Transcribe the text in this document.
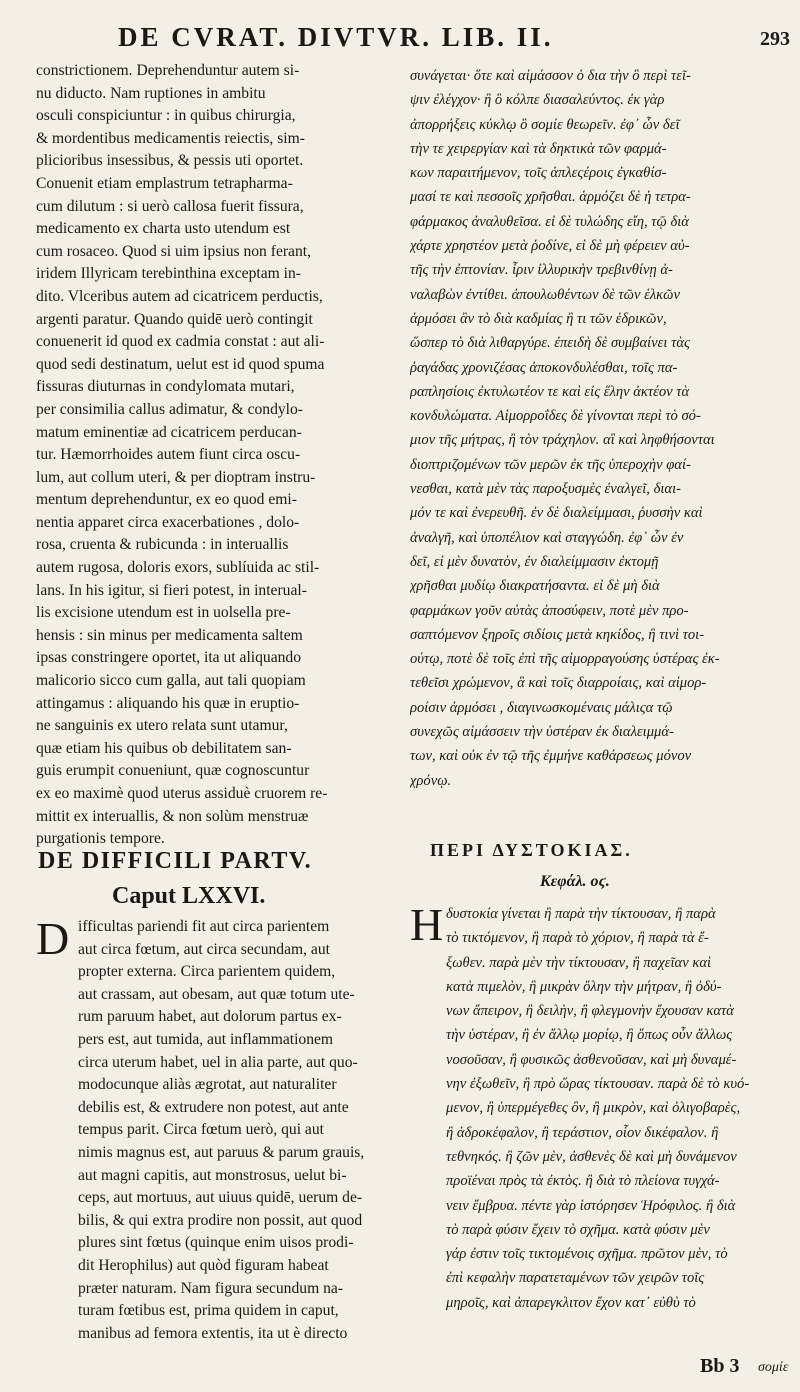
DE CVRAT. DIVTVR. LIB. II.	293
constrictionem. Deprehenduntur autem si-
nu diducto. Nam ruptiones in ambitu
osculi conspiciuntur : in quibus chirurgia,
& mordentibus medicamentis reiectis, sim-
plicioribus insessibus, & pessis uti oportet.
Conuenit etiam emplastrum tetrapharma-
cum dilutum : si uerò callosa fuerit fissura,
medicamento ex charta usto utendum est
cum rosaceo. Quod si uim ipsius non ferant,
iridem Illyricam terebinthina exceptam in-
dito. Vlceribus autem ad cicatricem perductis,
argenti paratur. Quando quidē uerò contingit
conuenerit id quod ex cadmia constat : aut ali-
quod sedi destinatum, uelut est id quod spuma
fissuras diuturnas in condylomata mutari,
per consimilia callus adimatur, & condylo-
matum eminentiæ ad cicatricem perducan-
tur. Hæmorrhoides autem fiunt circa oscu-
lum, aut collum uteri, & per dioptram instru-
mentum deprehenduntur, ex eo quod emi-
nentia apparet circa exacerbationes , dolo-
rosa, cruenta & rubicunda : in interuallis
autem rugosa, doloris exors, sublíuida ac stil-
lans. In his igitur, si fieri potest, in interual-
lis excisione utendum est in uolsella pre-
hensis : sin minus per medicamenta saltem
ipsas constringere oportet, ita ut aliquando
malicorio sicco cum galla, aut tali quopiam
attingamus : aliquando his quæ in eruptio-
ne sanguinis ex utero relata sunt utamur,
quæ etiam his quibus ob debilitatem san-
guis erumpit conueniunt, quæ cognoscuntur
ex eo maximè quod uterus assiduè cruorem re-
mittit ex interuallis, & non solùm menstruæ
purgationis tempore.
DE DIFFICILI PARTV.
Caput LXXVI.
D ifficultas pariendi fit aut circa parientem
aut circa fœtum, aut circa secundam, aut
propter externa. Circa parientem quidem,
aut crassam, aut obesam, aut quæ totum ute-
rum paruum habet, aut dolorum partus ex-
pers est, aut tumida, aut inflammationem
circa uterum habet, uel in alia parte, aut quo-
modocunque aliàs ægrotat, aut naturaliter
debilis est, & extrudere non potest, aut ante
tempus parit. Circa fœtum uerò, qui aut
nimis magnus est, aut paruus & parum grauis,
aut magni capitis, aut monstrosus, uelut bi-
ceps, aut mortuus, aut uiuus quidē, uerum de-
bilis, & qui extra prodire non possit, aut quod
plures sint fœtus (quinque enim uisos prodi-
dit Herophilus) aut quòd figuram habeat
præter naturam. Nam figura secundum na-
turam fœtibus est, prima quidem in caput,
manibus ad femora extentis, ita ut è directo
συνάγεται· ὅτε καὶ αἱμάσσον ὁ δια τὴν ὃ περὶ τεῖ-
ψιν ἐλέγχον· ἢ ὃ κόλπε διασαλεύντος. ἐκ γὰρ
ἀπορρήξεις κύκλῳ ὃ σομίε θεωρεῖν. ἐφ᾽ ὧν δεῖ
τὴν τε χειρεργίαν καὶ τὰ δηκτικὰ τῶν φαρμά-
κων παραιτήμενον, τοῖς ἁπλεςέροις ἐγκαθίσ-
μασί τε καὶ πεσσοῖς χρῆσθαι. ἁρμόζει δὲ ἡ τετρα-
φάρμακος ἀναλυθεῖσα. εἰ δὲ τυλώδης εἴη, τῷ διὰ
χάρτε χρηστέον μετὰ ῥοδίνε, εἰ δὲ μὴ φέρειεν αὐ-
τῆς τὴν ἐπτονίαν. ἶριν ἰλλυρικὴν τρεβινθίνῃ ἀ-
ναλαβὼν ἐντίθει. ἀπουλωθέντων δὲ τῶν ἑλκῶν
ἁρμόσει ἂν τὸ διὰ καδμίας ἢ τι τῶν ἑδρικῶν,
ὥσπερ τὸ διὰ λιθαργύρε. ἐπειδὴ δὲ συμβαίνει τὰς
ῥαγάδας χρονιζέσας ἀποκονδυλέσθαι, τοῖς πα-
ραπλησίοις ἐκτυλωτέον τε καὶ εἰς ἕλην ἀκτέον τὰ
κονδυλώματα. Αἱμορροΐδες δὲ γίνονται περὶ τὸ σό-
μιον τῆς μήτρας, ἢ τὸν τράχηλον. αἳ καὶ ληφθήσονται
διοπτριζομένων τῶν μερῶν ἐκ τῆς ὑπεροχὴν φαί-
νεσθαι, κατὰ μὲν τὰς παροξυσμὲς ἐναλγεῖ, διαι-
μόν τε καὶ ἐνερευθῆ. ἐν δὲ διαλείμμασι, ῥυσσὴν καὶ
ἀναλγῆ, καὶ ὑποπέλιον καὶ σταγγώδη. ἐφ᾽ ὧν ἐν
δεῖ, εἰ μὲν δυνατὸν, ἐν διαλείμμασιν ἐκτομῇ
χρῆσθαι μυδίῳ διακρατήσαντα. εἰ δὲ μὴ διὰ
φαρμάκων γοῦν αὐτὰς ἀποσύφειν, ποτὲ μὲν προ-
σαπτόμενον ξηροῖς σιδίοις μετὰ κηκίδος, ἢ τινὶ τοι-
ούτῳ, ποτὲ δὲ τοῖς ἐπὶ τῆς αἱμορραγούσης ὑστέρας ἐκ-
τεθεῖσι χρώμενον, ἃ καὶ τοῖς διαρροίαις, καὶ αἱμορ-
ροίσιν ἁρμόσει , διαγινωσκομέναις μάλιςα τῷ
συνεχῶς αἱμάσσειν τὴν ὑστέραν ἐκ διαλειμμά-
των, καὶ οὐκ ἐν τῷ τῆς ἐμμήνε καθάρσεως μόνον
χρόνῳ.
ΠΕΡΙ ΔΥΣΤΟΚΙΑΣ.
Κεφάλ. οϛ.
Η δυστοκία γίνεται ἢ παρὰ τὴν τίκτουσαν, ἢ παρὰ
τὸ τικτόμενον, ἢ παρὰ τὸ χόριον, ἢ παρὰ τὰ ἔ-
ξωθεν. παρὰ μὲν τὴν τίκτουσαν, ἢ παχεῖαν καὶ
κατὰ πιμελὸν, ἢ μικρὰν ὅλην τὴν μήτραν, ἢ ὀδύ-
νων ἄπειρον, ἢ δειλὴν, ἢ φλεγμονὴν ἔχουσαν κατὰ
τὴν ὑστέραν, ἢ ἐν ἄλλῳ μορίῳ, ἢ ὅπως οὖν ἄλλως
νοσοῦσαν, ἢ φυσικῶς ἀσθενοῦσαν, καὶ μὴ δυναμέ-
νην ἐξωθεῖν, ἢ πρὸ ὥρας τίκτουσαν. παρὰ δὲ τὸ κυό-
μενον, ἢ ὑπερμέγεθες ὂν, ἢ μικρὸν, καὶ ὀλιγοβαρὲς,
ἢ ἁδροκέφαλον, ἢ τεράστιον, οἷον δικέφαλον. ἢ
τεθνηκός. ἢ ζῶν μὲν, ἀσθενὲς δὲ καὶ μὴ δυνάμενον
προϊέναι πρὸς τὰ ἐκτὸς. ἢ διὰ τὸ πλείονα τυγχά-
νειν ἔμβρυα. πέντε γὰρ ἱστόρησεν Ἡρόφιλος. ἢ διὰ
τὸ παρὰ φύσιν ἔχειν τὸ σχῆμα. κατὰ φύσιν μὲν
γάρ ἐστιν τοῖς τικτομένοις σχῆμα. πρῶτον μὲν, τὸ
ἐπὶ κεφαλὴν παρατεταμένων τῶν χειρῶν τοῖς
μηροῖς, καὶ ἀπαρεγκλιτον ἔχον κατ᾽ εὐθὺ τὸ
Bb 3 σομίε
